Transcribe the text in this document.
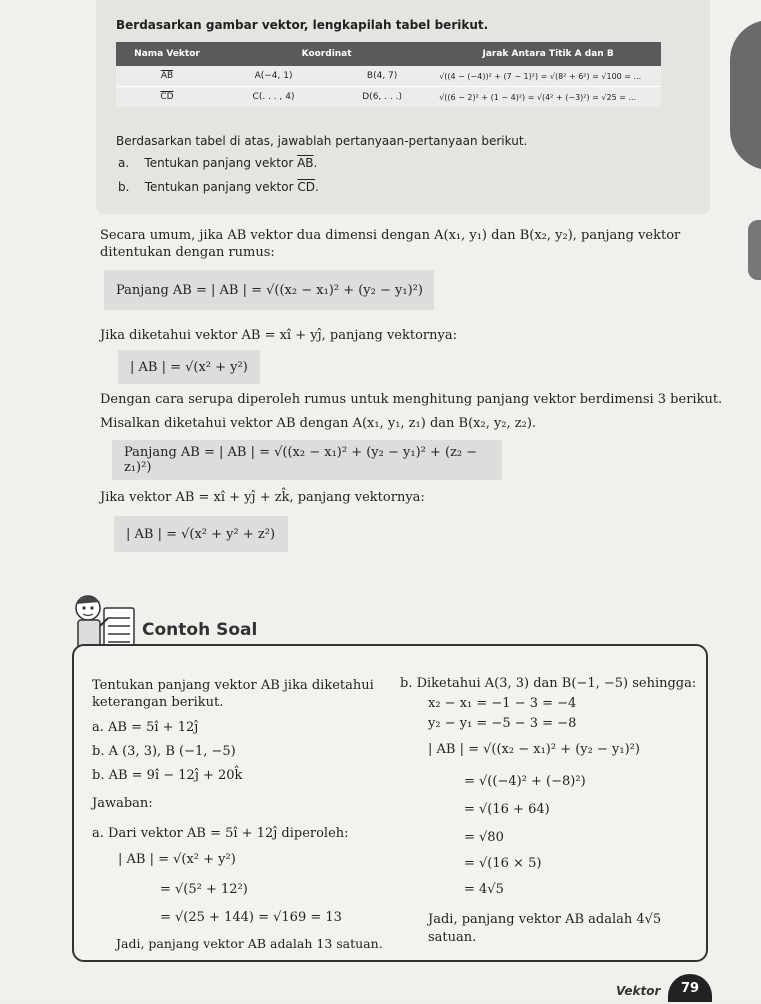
Berdasarkan gambar vektor, lengkapilah tabel berikut.
Nama Vektor	Koordinat		Jarak Antara Titik A dan B
$\overline{AB}$	A(−4, 1)	B(4, 7)	√((4 − (−4))² + (7 − 1)²) = √(8² + 6²) = √100 = ...
$\overline{CD}$	C(. . . , 4)	D(6, . . .)	√((6 − 2)² + (1 − 4)²) = √(4² + (−3)²) = √25 = ...
Berdasarkan tabel di atas, jawablah pertanyaan-pertanyaan berikut.
a. Tentukan panjang vektor $\overline{AB}$.
b. Tentukan panjang vektor $\overline{CD}$.
Secara umum, jika AB vektor dua dimensi dengan A(x₁, y₁) dan B(x₂, y₂), panjang vektor
ditentukan dengan rumus:
Panjang AB = | AB | = √((x₂ − x₁)² + (y₂ − y₁)²)
Jika diketahui vektor AB = xî + yĵ, panjang vektornya:
| AB | = √(x² + y²)
Dengan cara serupa diperoleh rumus untuk menghitung panjang vektor berdimensi 3 berikut.
Misalkan diketahui vektor AB dengan A(x₁, y₁, z₁) dan B(x₂, y₂, z₂).
Panjang AB = | AB | = √((x₂ − x₁)² + (y₂ − y₁)² + (z₂ − z₁)²)
Jika vektor AB = xî + yĵ + zk̂, panjang vektornya:
| AB | = √(x² + y² + z²)
Contoh Soal
Tentukan panjang vektor AB jika diketahui
keterangan berikut.
a. AB = 5î + 12ĵ
b. A (3, 3), B (−1, −5)
b. AB = 9î − 12ĵ + 20k̂
Jawaban:
a. Dari vektor AB = 5î + 12ĵ diperoleh:
| AB | = √(x² + y²)
= √(5² + 12²)
= √(25 + 144) = √169 = 13
Jadi, panjang vektor AB adalah 13 satuan.
b. Diketahui A(3, 3) dan B(−1, −5) sehingga:
x₂ − x₁ = −1 − 3 = −4
y₂ − y₁ = −5 − 3 = −8
| AB | = √((x₂ − x₁)² + (y₂ − y₁)²)
= √((−4)² + (−8)²)
= √(16 + 64)
= √80
= √(16 × 5)
= 4√5
Jadi, panjang vektor AB adalah 4√5
satuan.
Vektor	79
